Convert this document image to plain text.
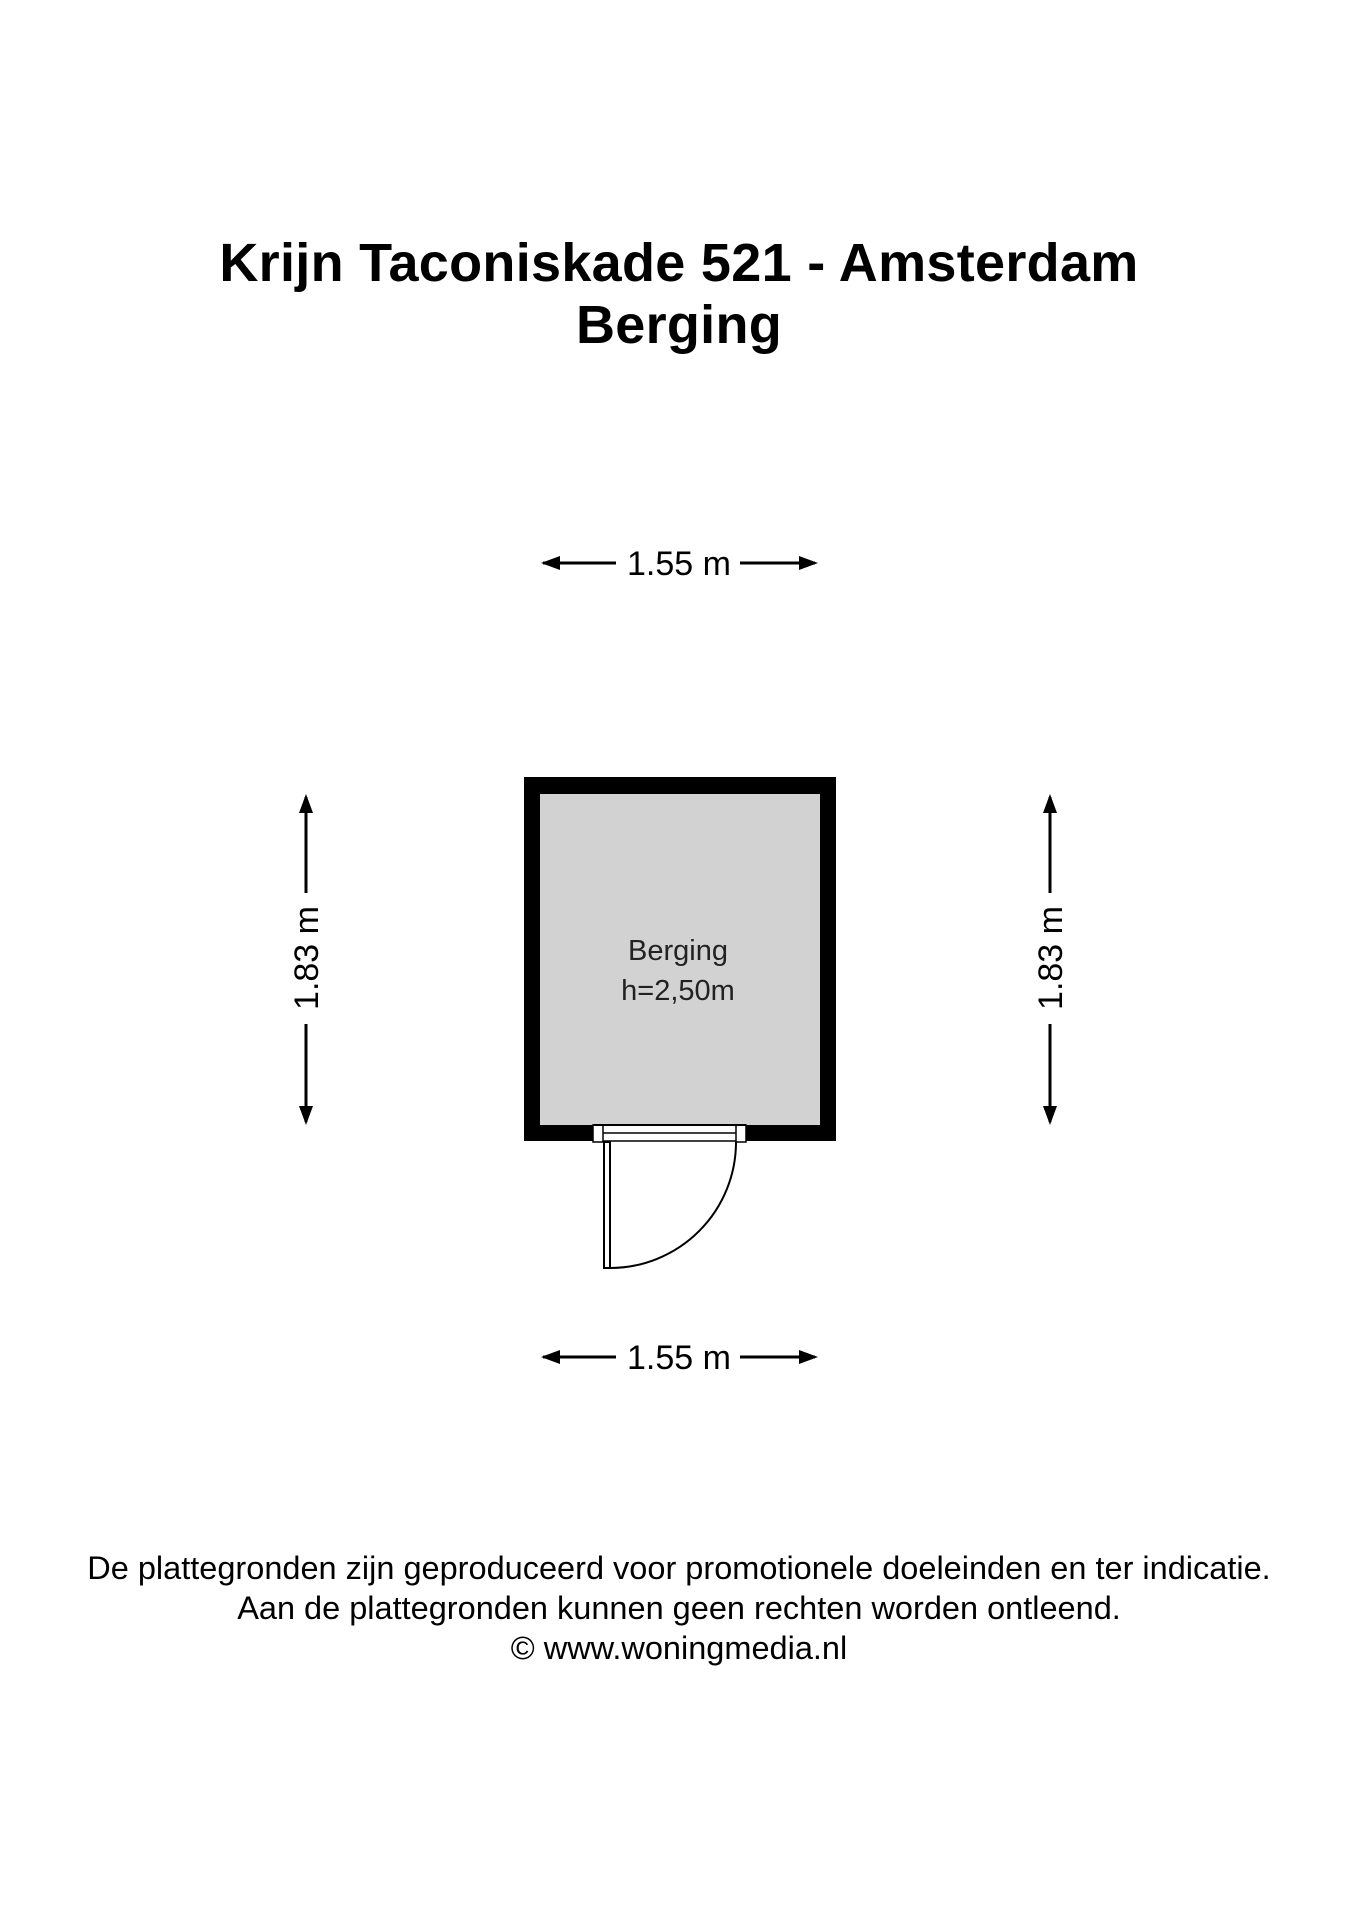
Krijn Taconiskade 521 - Amsterdam
Berging
1.55 m
1.83 m	1.83 m
Berging
h=2,50m
1.55 m
De plattegronden zijn geproduceerd voor promotionele doeleinden en ter indicatie.
Aan de plattegronden kunnen geen rechten worden ontleend.
© www.woningmedia.nl
